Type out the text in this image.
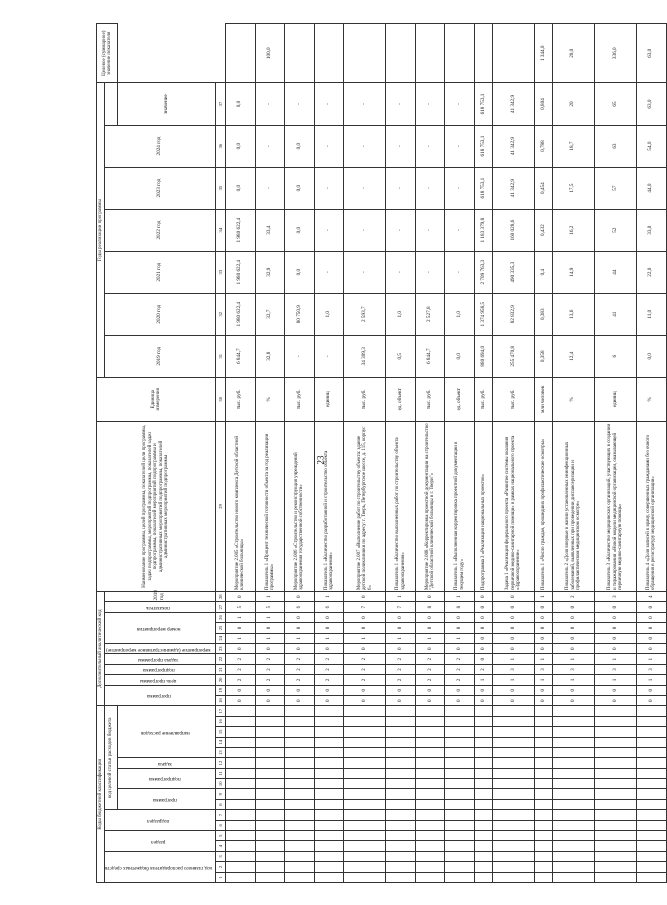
23
Коды бюджетной классификации																	Дополнительный аналитический код											Наименование программы, целей программы, показателей цели программы, задач подпрограммы, мероприятий подпрограммы, показателей задач подпрограммы, показателей мероприятий подпрограммы и административных мероприятий подпрограммы, показателей административных мероприятий подпрограммы	Единица измерения	Годы реализации программы							Целевое (суммарное) значение показателя
код главного распорядителя бюджетных средств			раздел		подраздел		код целевой статьи расходов бюджета										программа		цель программы	подпрограмма	задача программы	мероприятие (административное мероприятие)	номер мероприятия			показатель	2018 год			2019 год	2020 год	2021 год	2022 год	2023 год	2024 год		
							программа		подпрограмма		задача	направление расходов																								значение	
1	2	3	4	5	6	7	8	9	10	11	12	13	14	15	16	17	18	19	20	21	22	23	24	25	26	27	28	29	30	31	32	33	34	35	36	37	
																	0	0	2	2	2	0	1	0	1	5	0	Мероприятие 2.005 «Строительство нового комплекса Детской областной клинической больницы»	тыс. руб.	6 844,7	1 980 622,4	1 980 622,4	1 980 622,4	0,0	0,0	0,0	
																	0	0	2	2	2	0	1	0	1	5	1	Показатель 1 «Процент технической готовности объекта за год реализации программы»	%	32,8	32,7	32,9	33,4	-	-	-	100,0
																	0	0	2	2	2	0	1	0	0	6	0	Мероприятие 2.006 «Строительство и реконструкция учреждений здравоохранения государственной собственности»	тыс. руб.	-	80 750,9	0,0	0,0	0,0	0,0	-	
																	0	0	2	2	2	0	1	0	0	6	1	Показатель 1 «Количество разработанной и строительство объекта здравоохранения»	единиц	-	1,0	-	-	-	-	-	
																	0	0	2	2	2	0	1	0	0	7	0	Мероприятие 2.007 «Выполнение работ по строительству объекта: здание детской поликлиники по адресу: г. Тверь, Петербургское шоссе, д. 115, корпус 6»	тыс. руб.	34 309,3	2 593,7	-	-	-	-	-	
																	0	0	2	2	2	0	1	0	0	7	1	Показатель 1 «Количество выполненных работ по строительству объекта здравоохранения»	ед. объект	0,5	1,0	-	-	-	-	-	
																	0	0	2	2	2	0	1	0	0	8	0	Мероприятие 2.008 «Корректировка проектной документации на строительство "Детской областной клинической больницы в г. Твери"»	тыс. руб.	6 844,7	2 527,8	-	-	-	-	-	
																	0	0	2	2	2	0	1	0	0	8	1	Показатель 1 «Выполненная корректировка проектной документации в текущем году»	ед. объект	0,0	1,0	-	-	-	-	-	
																	0	0	1	2	0	0	0	0	0	0	0	Подпрограмма 3 «Реализация национальных проектов»	тыс. руб.	880 694,0	1 374 958,5	2 709 763,3	1 183 379,8	618 753,1	618 753,1	618 753,1	
																	0	0	1	3	1	0	0	0	0	0	0	Задача 1 «Реализация федерального проекта «Развитие системы оказания первичной медико-санитарной помощи» в рамках национального проекта «Здравоохранение»	тыс. руб.	255 470,8	82 832,9	490 335,3	160 028,6	41 342,9	41 342,9	41 342,9	
																	0	0	1	3	1	0	0	0	0	0	1	Показатель 1 «Число граждан, прошедших профилактические осмотры»	млн человек	0,358	0,383	0,4	0,432	0,454	0,788	0,804	1 344,0
																	0	0	1	3	1	0	0	0	0	0	2	Показатель 2 «Доля впервые в жизни установленных неинфекционных заболеваний, выявленных при проведении диспансеризации и профилактическом медицинском осмотре»	%	12,4	13,6	14,9	16,2	17,5	18,7	20	20,0
																	0	0	1	3	1	0	0	0	0	0	3	Показатель 3 «Количество медицинских организаций, участвующих в создании и тиражировании «Новой модели медицинской организации, оказывающей первичную медико-санитарную помощь»	единиц	6	41	44	52	57	63	65	336,0
																	0	0	1	3	1	0	0	0	0	0	4	Показатель 4 «Доля записей к врачу, совершенных гражданами без очного обращения в регистратуру медицинской организации»	%	0,0	11,0	22,0	33,0	44,0	54,0	63,0	63,0
